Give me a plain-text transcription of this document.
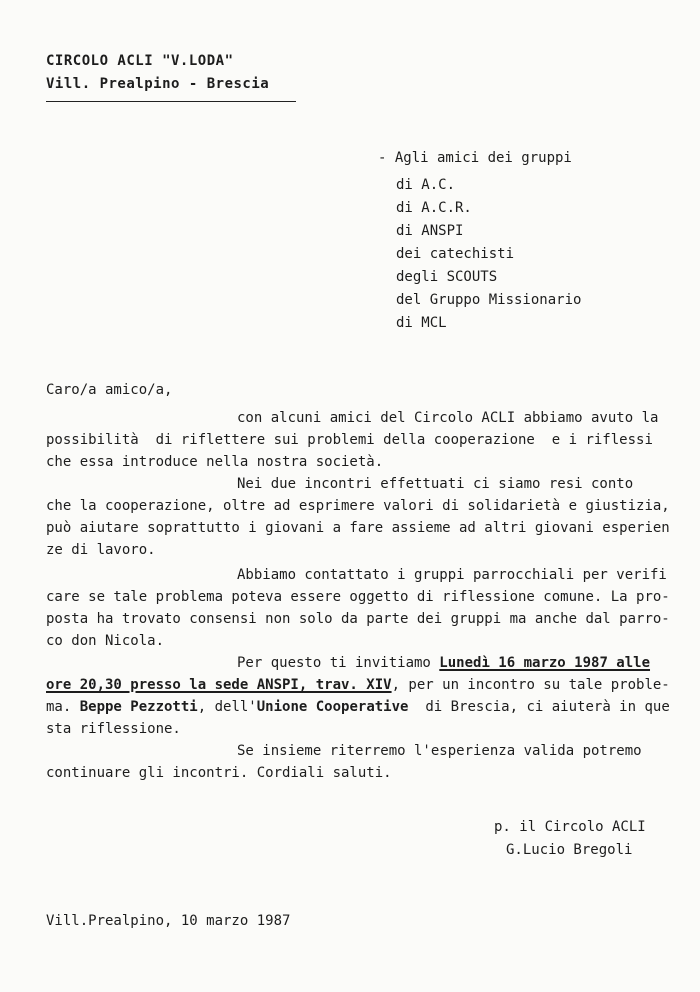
CIRCOLO ACLI "V.LODA"
Vill. Prealpino - Brescia
- Agli amici dei gruppi
di A.C.
di A.C.R.
di ANSPI
dei catechisti
degli SCOUTS
del Gruppo Missionario
di MCL
Caro/a amico/a,
con alcuni amici del Circolo ACLI abbiamo avuto la
possibilità  di riflettere sui problemi della cooperazione  e i riflessi
che essa introduce nella nostra società.
Nei due incontri effettuati ci siamo resi conto
che la cooperazione, oltre ad esprimere valori di solidarietà e giustizia,
può aiutare soprattutto i giovani a fare assieme ad altri giovani esperien
ze di lavoro.
Abbiamo contattato i gruppi parrocchiali per verifi
care se tale problema poteva essere oggetto di riflessione comune. La pro-
posta ha trovato consensi non solo da parte dei gruppi ma anche dal parro-
co don Nicola.
Per questo ti invitiamo Lunedì 16 marzo 1987 alle
ore 20,30 presso la sede ANSPI, trav. XIV, per un incontro su tale proble-
ma. Beppe Pezzotti, dell'Unione Cooperative  di Brescia, ci aiuterà in que
sta riflessione.
Se insieme riterremo l'esperienza valida potremo
continuare gli incontri. Cordiali saluti.
p. il Circolo ACLI
G.Lucio Bregoli
Vill.Prealpino, 10 marzo 1987
